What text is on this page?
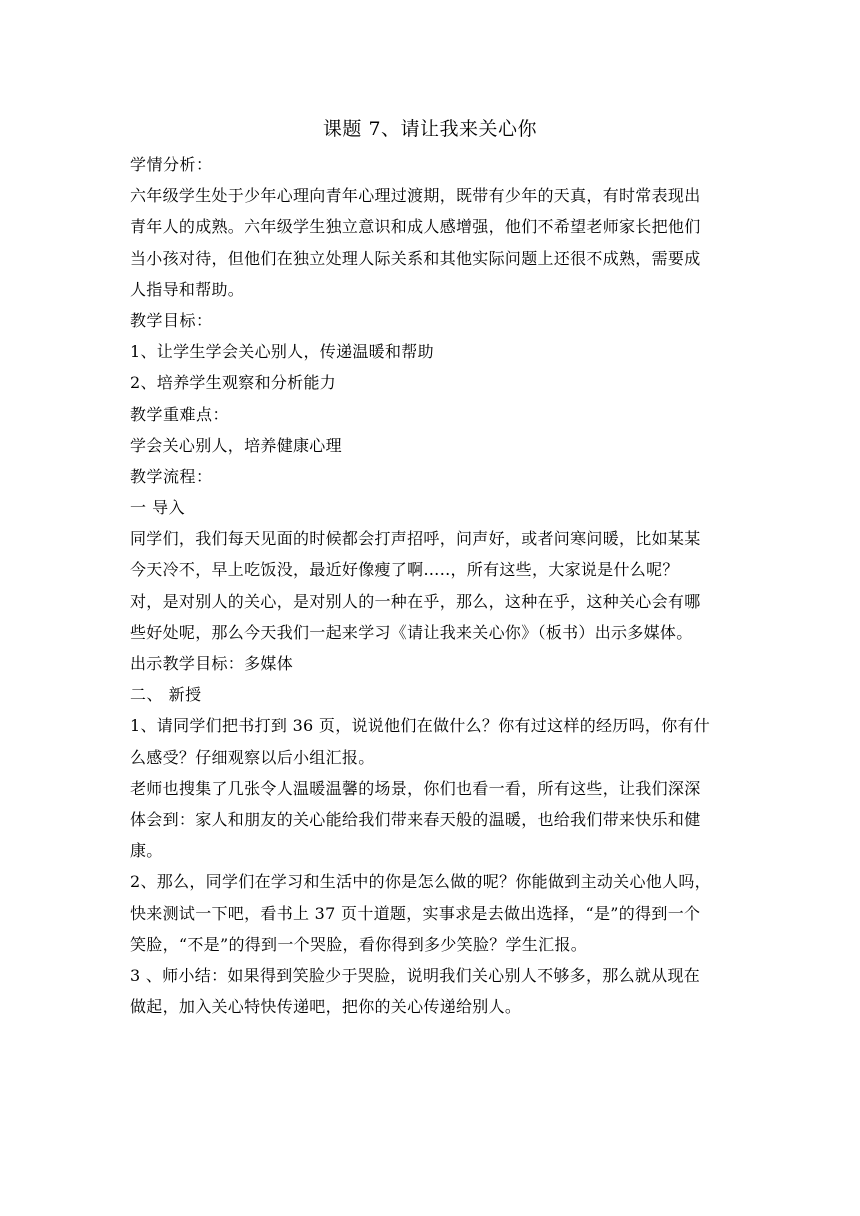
课题 7、请让我来关心你
学情分析：
六年级学生处于少年心理向青年心理过渡期，既带有少年的天真，有时常表现出
青年人的成熟。六年级学生独立意识和成人感增强，他们不希望老师家长把他们
当小孩对待，但他们在独立处理人际关系和其他实际问题上还很不成熟，需要成
人指导和帮助。
教学目标：
1、让学生学会关心别人，传递温暖和帮助
2、培养学生观察和分析能力
教学重难点：
学会关心别人，培养健康心理
教学流程：
一 导入
同学们，我们每天见面的时候都会打声招呼，问声好，或者问寒问暖，比如某某
今天冷不，早上吃饭没，最近好像瘦了啊…..，所有这些，大家说是什么呢？
对，是对别人的关心，是对别人的一种在乎，那么，这种在乎，这种关心会有哪
些好处呢，那么今天我们一起来学习《请让我来关心你》（板书）出示多媒体。
出示教学目标：多媒体
二、 新授
1、请同学们把书打到 36 页，说说他们在做什么？你有过这样的经历吗，你有什
么感受？仔细观察以后小组汇报。
老师也搜集了几张令人温暖温馨的场景，你们也看一看，所有这些，让我们深深
体会到：家人和朋友的关心能给我们带来春天般的温暖，也给我们带来快乐和健
康。
2、那么，同学们在学习和生活中的你是怎么做的呢？你能做到主动关心他人吗，
快来测试一下吧，看书上 37 页十道题，实事求是去做出选择，“是”的得到一个
笑脸，“不是”的得到一个哭脸，看你得到多少笑脸？学生汇报。
3 、师小结：如果得到笑脸少于哭脸，说明我们关心别人不够多，那么就从现在
做起，加入关心特快传递吧，把你的关心传递给别人。
